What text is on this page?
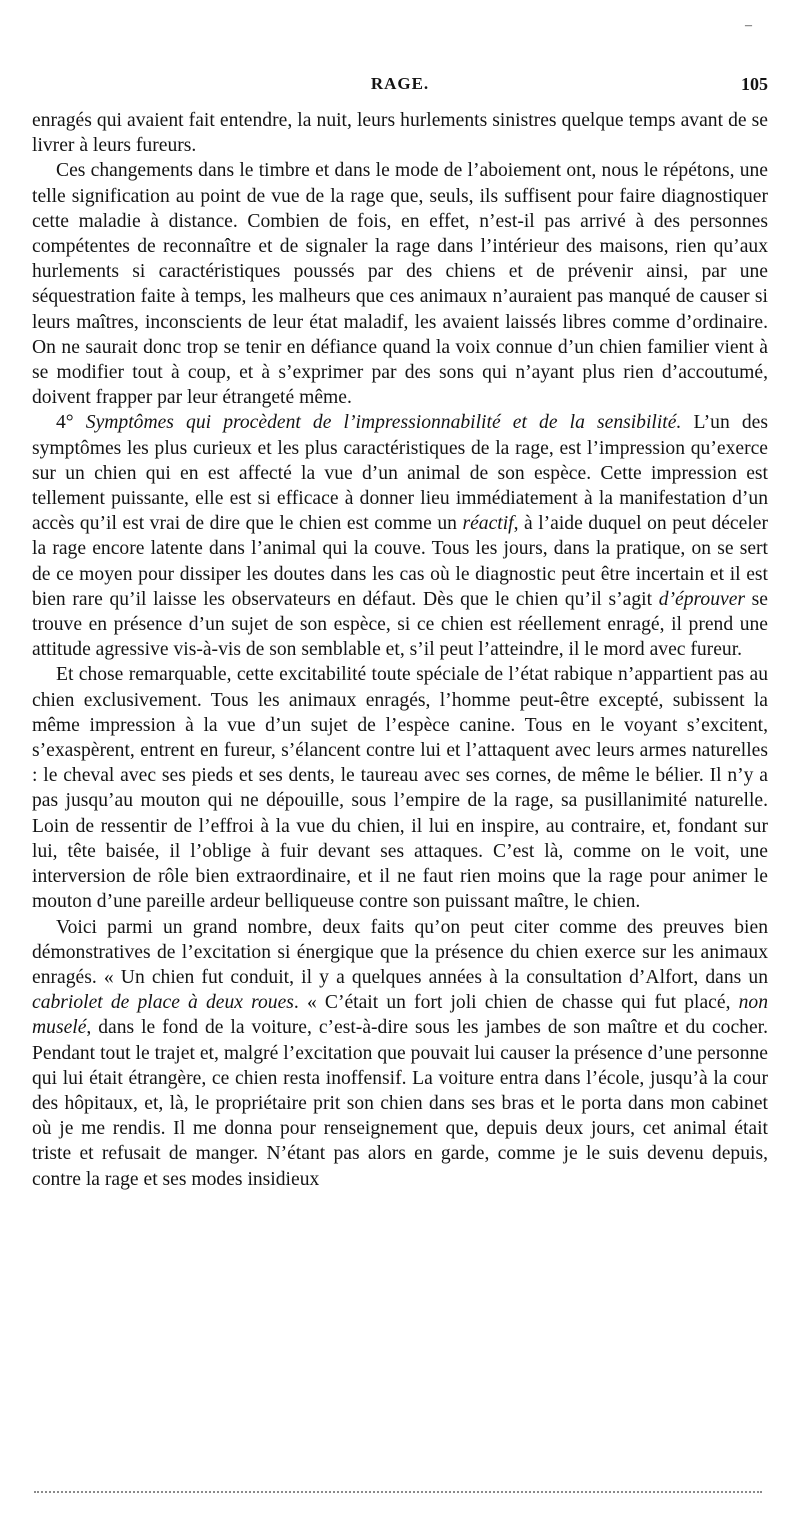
–
RAGE.	105

enragés qui avaient fait entendre, la nuit, leurs hurlements sinistres quelque temps avant de se livrer à leurs fureurs.

Ces changements dans le timbre et dans le mode de l’aboiement ont, nous le répétons, une telle signification au point de vue de la rage que, seuls, ils suffisent pour faire diagnostiquer cette maladie à distance. Combien de fois, en effet, n’est-il pas arrivé à des personnes compétentes de reconnaître et de signaler la rage dans l’intérieur des maisons, rien qu’aux hurlements si caractéristiques poussés par des chiens et de prévenir ainsi, par une séquestration faite à temps, les malheurs que ces animaux n’auraient pas manqué de causer si leurs maîtres, inconscients de leur état maladif, les avaient laissés libres comme d’ordinaire. On ne saurait donc trop se tenir en défiance quand la voix connue d’un chien familier vient à se modifier tout à coup, et à s’exprimer par des sons qui n’ayant plus rien d’accoutumé, doivent frapper par leur étrangeté même.

4° Symptômes qui procèdent de l’impressionnabilité et de la sensibilité. L’un des symptômes les plus curieux et les plus caractéristiques de la rage, est l’impression qu’exerce sur un chien qui en est affecté la vue d’un animal de son espèce. Cette impression est tellement puissante, elle est si efficace à donner lieu immédiatement à la manifestation d’un accès qu’il est vrai de dire que le chien est comme un réactif, à l’aide duquel on peut déceler la rage encore latente dans l’animal qui la couve. Tous les jours, dans la pratique, on se sert de ce moyen pour dissiper les doutes dans les cas où le diagnostic peut être incertain et il est bien rare qu’il laisse les observateurs en défaut. Dès que le chien qu’il s’agit d’éprouver se trouve en présence d’un sujet de son espèce, si ce chien est réellement enragé, il prend une attitude agressive vis-à-vis de son semblable et, s’il peut l’atteindre, il le mord avec fureur.

Et chose remarquable, cette excitabilité toute spéciale de l’état rabique n’appartient pas au chien exclusivement. Tous les animaux enragés, l’homme peut-être excepté, subissent la même impression à la vue d’un sujet de l’espèce canine. Tous en le voyant s’excitent, s’exaspèrent, entrent en fureur, s’élancent contre lui et l’attaquent avec leurs armes naturelles : le cheval avec ses pieds et ses dents, le taureau avec ses cornes, de même le bélier. Il n’y a pas jusqu’au mouton qui ne dépouille, sous l’empire de la rage, sa pusillanimité naturelle. Loin de ressentir de l’effroi à la vue du chien, il lui en inspire, au contraire, et, fondant sur lui, tête baisée, il l’oblige à fuir devant ses attaques. C’est là, comme on le voit, une interversion de rôle bien extraordinaire, et il ne faut rien moins que la rage pour animer le mouton d’une pareille ardeur belliqueuse contre son puissant maître, le chien.

Voici parmi un grand nombre, deux faits qu’on peut citer comme des preuves bien démonstratives de l’excitation si énergique que la présence du chien exerce sur les animaux enragés. « Un chien fut conduit, il y a quelques années à la consultation d’Alfort, dans un cabriolet de place à deux roues. « C’était un fort joli chien de chasse qui fut placé, non muselé, dans le fond de la voiture, c’est-à-dire sous les jambes de son maître et du cocher. Pendant tout le trajet et, malgré l’excitation que pouvait lui causer la présence d’une personne qui lui était étrangère, ce chien resta inoffensif. La voiture entra dans l’école, jusqu’à la cour des hôpitaux, et, là, le propriétaire prit son chien dans ses bras et le porta dans mon cabinet où je me rendis. Il me donna pour renseignement que, depuis deux jours, cet animal était triste et refusait de manger. N’étant pas alors en garde, comme je le suis devenu depuis, contre la rage et ses modes insidieux
